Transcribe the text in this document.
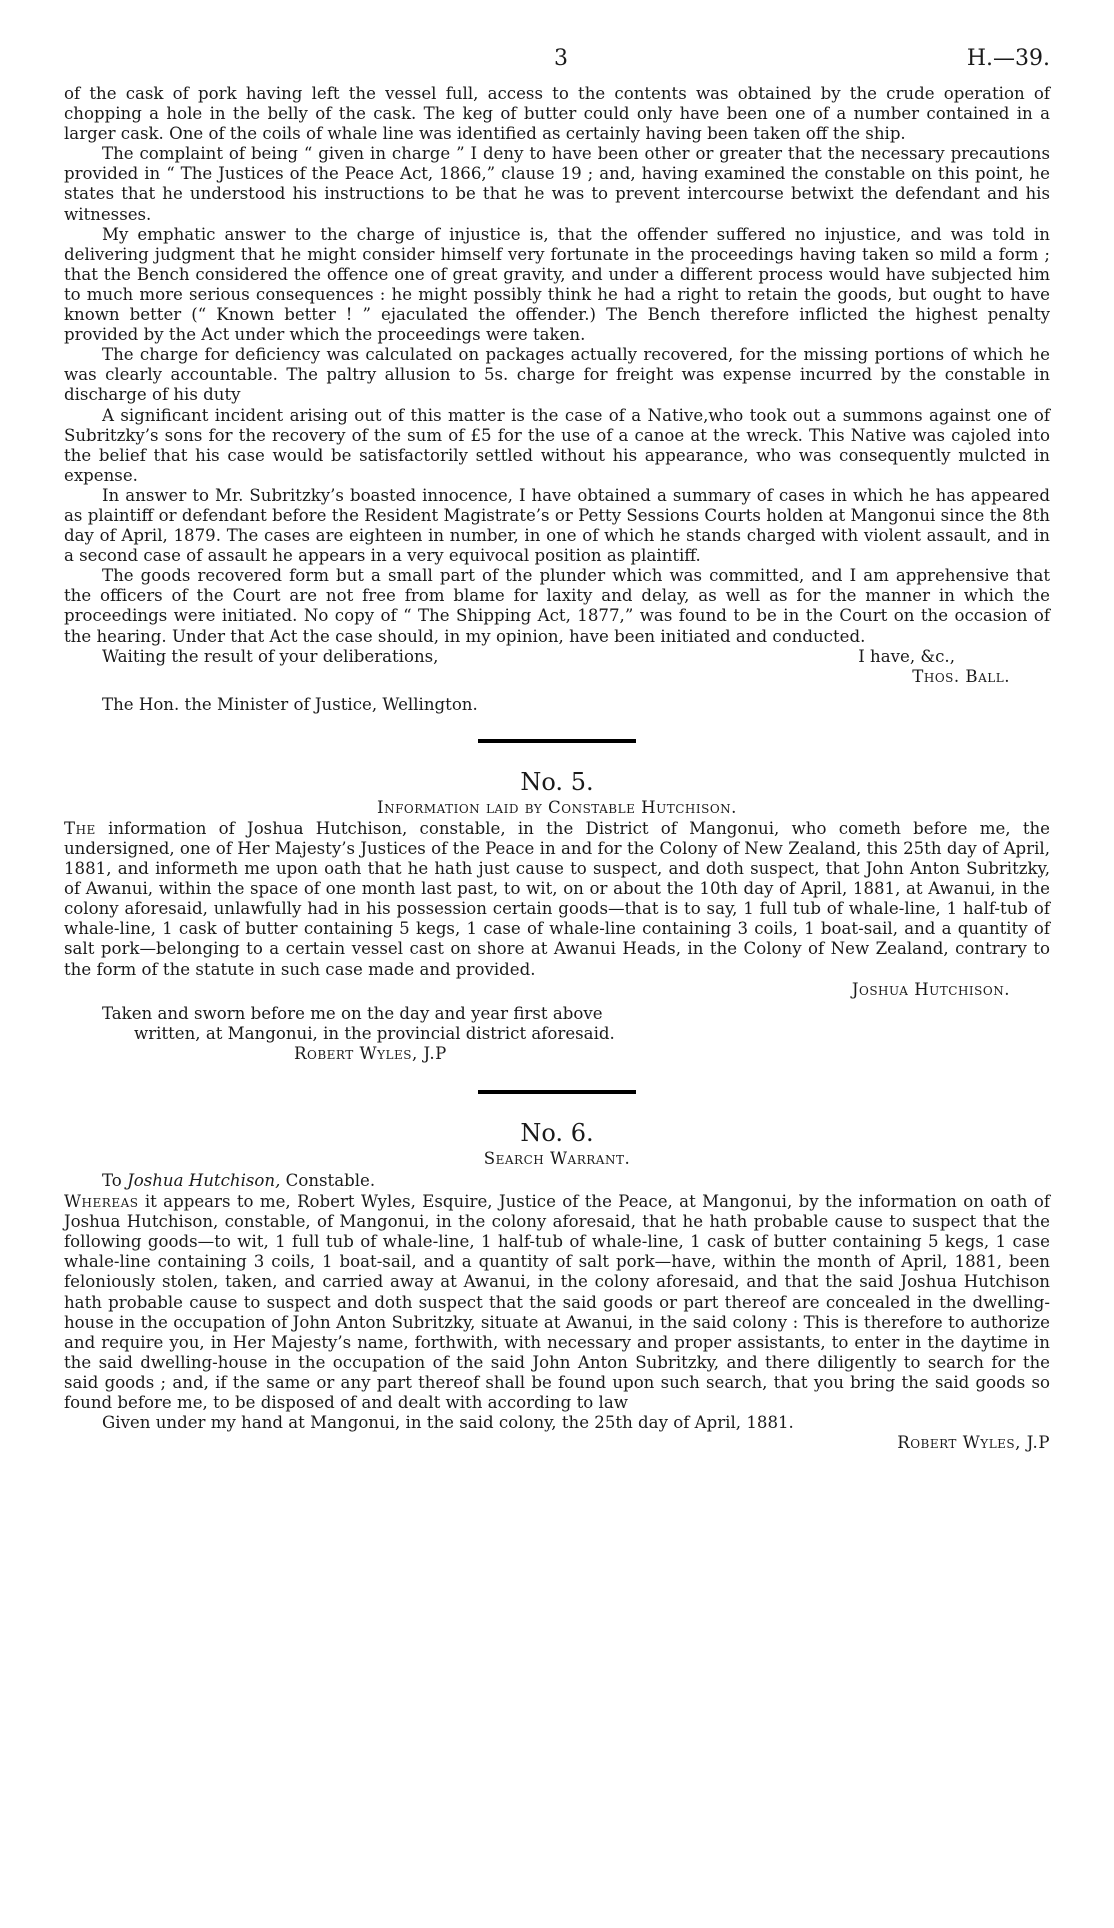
3	H.—39.

of the cask of pork having left the vessel full, access to the contents was obtained by the crude operation of chopping a hole in the belly of the cask. The keg of butter could only have been one of a number contained in a larger cask. One of the coils of whale line was identified as certainly having been taken off the ship.

The complaint of being “ given in charge ” I deny to have been other or greater that the necessary precautions provided in “ The Justices of the Peace Act, 1866,” clause 19 ; and, having examined the constable on this point, he states that he understood his instructions to be that he was to prevent intercourse betwixt the defendant and his witnesses.

My emphatic answer to the charge of injustice is, that the offender suffered no injustice, and was told in delivering judgment that he might consider himself very fortunate in the proceedings having taken so mild a form ; that the Bench considered the offence one of great gravity, and under a different process would have subjected him to much more serious consequences : he might possibly think he had a right to retain the goods, but ought to have known better (“ Known better ! ” ejaculated the offender.) The Bench therefore inflicted the highest penalty provided by the Act under which the proceedings were taken.

The charge for deficiency was calculated on packages actually recovered, for the missing portions of which he was clearly accountable. The paltry allusion to 5s. charge for freight was expense incurred by the constable in discharge of his duty

A significant incident arising out of this matter is the case of a Native,who took out a summons against one of Subritzky’s sons for the recovery of the sum of £5 for the use of a canoe at the wreck. This Native was cajoled into the belief that his case would be satisfactorily settled without his appearance, who was consequently mulcted in expense.

In answer to Mr. Subritzky’s boasted innocence, I have obtained a summary of cases in which he has appeared as plaintiff or defendant before the Resident Magistrate’s or Petty Sessions Courts holden at Mangonui since the 8th day of April, 1879. The cases are eighteen in number, in one of which he stands charged with violent assault, and in a second case of assault he appears in a very equivocal position as plaintiff.

The goods recovered form but a small part of the plunder which was committed, and I am apprehensive that the officers of the Court are not free from blame for laxity and delay, as well as for the manner in which the proceedings were initiated. No copy of “ The Shipping Act, 1877,” was found to be in the Court on the occasion of the hearing. Under that Act the case should, in my opinion, have been initiated and conducted.

Waiting the result of your deliberations,	I have, &c.,
Thos. Ball.
The Hon. the Minister of Justice, Wellington.
No. 5.
Information laid by Constable Hutchison.

The information of Joshua Hutchison, constable, in the District of Mangonui, who cometh before me, the undersigned, one of Her Majesty’s Justices of the Peace in and for the Colony of New Zealand, this 25th day of April, 1881, and informeth me upon oath that he hath just cause to suspect, and doth suspect, that John Anton Subritzky, of Awanui, within the space of one month last past, to wit, on or about the 10th day of April, 1881, at Awanui, in the colony aforesaid, unlawfully had in his possession certain goods—that is to say, 1 full tub of whale-line, 1 half-tub of whale-line, 1 cask of butter containing 5 kegs, 1 case of whale-line containing 3 coils, 1 boat-sail, and a quantity of salt pork—belonging to a certain vessel cast on shore at Awanui Heads, in the Colony of New Zealand, contrary to the form of the statute in such case made and provided.

Joshua Hutchison.
Taken and sworn before me on the day and year first above
written, at Mangonui, in the provincial district aforesaid.
Robert Wyles, J.P
No. 6.
Search Warrant.
To Joshua Hutchison, Constable.

Whereas it appears to me, Robert Wyles, Esquire, Justice of the Peace, at Mangonui, by the information on oath of Joshua Hutchison, constable, of Mangonui, in the colony aforesaid, that he hath probable cause to suspect that the following goods—to wit, 1 full tub of whale-line, 1 half-tub of whale-line, 1 cask of butter containing 5 kegs, 1 case whale-line containing 3 coils, 1 boat-sail, and a quantity of salt pork—have, within the month of April, 1881, been feloniously stolen, taken, and carried away at Awanui, in the colony aforesaid, and that the said Joshua Hutchison hath probable cause to suspect and doth suspect that the said goods or part thereof are concealed in the dwelling-house in the occupation of John Anton Subritzky, situate at Awanui, in the said colony : This is therefore to authorize and require you, in Her Majesty’s name, forthwith, with necessary and proper assistants, to enter in the daytime in the said dwelling-house in the occupation of the said John Anton Subritzky, and there diligently to search for the said goods ; and, if the same or any part thereof shall be found upon such search, that you bring the said goods so found before me, to be disposed of and dealt with according to law

Given under my hand at Mangonui, in the said colony, the 25th day of April, 1881.

Robert Wyles, J.P
